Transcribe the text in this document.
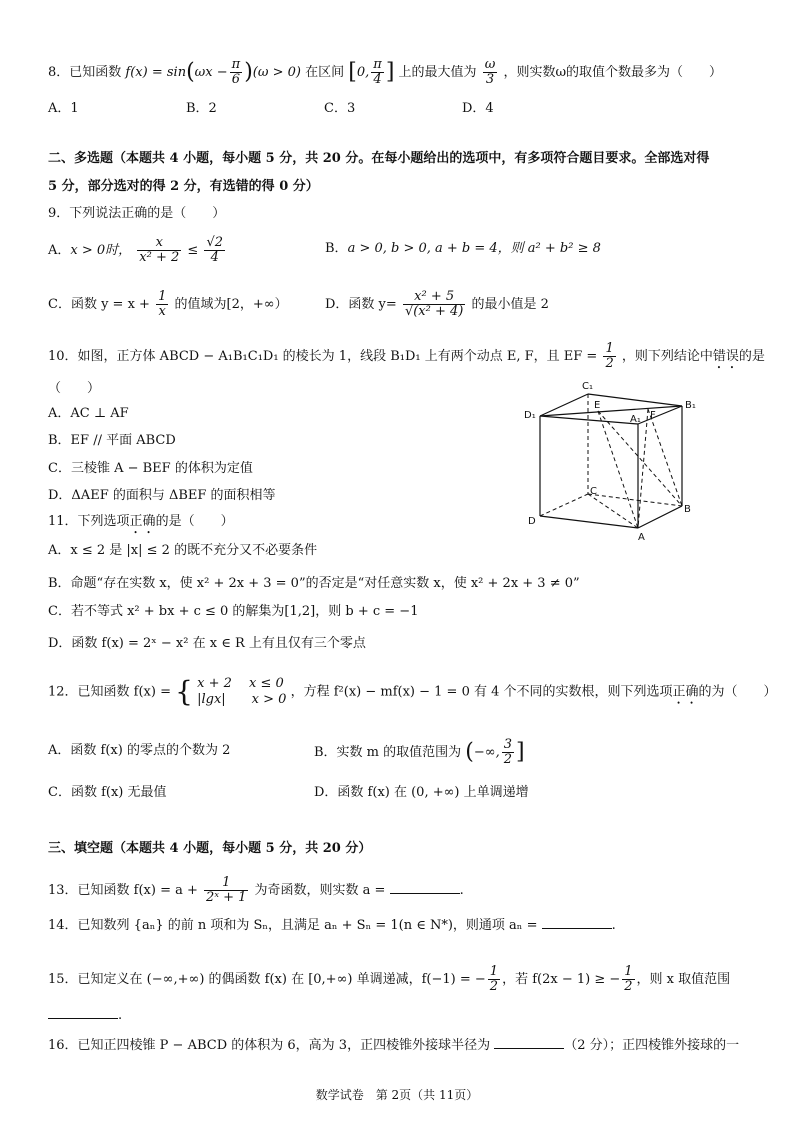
8．已知函数 $f(x) = \sin(\omega x - \frac{\pi}{6} )(\omega > 0)$ 在区间 [0, $\frac{\pi}{4}$ ] 上的最大值为 $\frac{\omega}{3}$ ，则实数ω的取值个数最多为（　　）
A．1	B．2	C．3	D．4
二、多选题（本题共 4 小题，每小题 5 分，共 20 分。在每小题给出的选项中，有多项符合题目要求。全部选对得
5 分，部分选对的得 2 分，有选错的得 0 分）
9．下列说法正确的是（　　）
A．x > 0时， $\frac{x}{\text{x² + 2}} \le \frac{√2}{4}$	B．a > 0, b > 0, a + b = 4，则 a² + b² ≥ 8
C．函数 $y = x + \frac{1}{x}$ 的值域为[2，+∞）	D．函数 $y= \frac{\text{x² + 5}}{\text{√(x² + 4)}}$ 的最小值是 2
10．如图，正方体 ABCD − A₁B₁C₁D₁ 的棱长为 1，线段 B₁D₁ 上有两个动点 E, F，且 EF = $\frac{1}{2}$ ，则下列结论中错误的是
（　　）
A．AC ⊥ AF
B．EF // 平面 ABCD
C．三棱锥 A − BEF 的体积为定值
D．ΔAEF 的面积与 ΔBEF 的面积相等
C₁
B₁
D₁	A₁
E
F
C
B
D
A
11．下列选项正确的是（　　）
A．x ≤ 2 是 |x| ≤ 2 的既不充分又不必要条件
B．命题“存在实数 x，使 x² + 2x + 3 = 0”的否定是“对任意实数 x，使 x² + 2x + 3 ≠ 0”
C．若不等式 x² + bx + c ≤ 0 的解集为[1,2]，则 b + c = −1
D．函数 f(x) = 2ˣ − x² 在 x ∈ R 上有且仅有三个零点
12．已知函数 f(x) = { x + 2　 x ≤ 0
|lgx|　　x > 0 ，方程 f²(x) − mf(x) − 1 = 0 有 4 个不同的实数根，则下列选项正确的为（　　）
A．函数 f(x) 的零点的个数为 2	B．实数 m 的取值范围为 (−∞, $\frac{3}{2}$ ]
C．函数 f(x) 无最值	D．函数 f(x) 在 (0, +∞) 上单调递增
三、填空题（本题共 4 小题，每小题 5 分，共 20 分）
13．已知函数 $f(x) = a + \frac{1}{\text{2ˣ + 1}}$ 为奇函数，则实数 a =	.
14．已知数列 {aₙ} 的前 n 项和为 Sₙ，且满足 aₙ + Sₙ = 1(n ∈ N*)，则通项 aₙ =	.
15．已知定义在 (−∞,+∞) 的偶函数 f(x) 在 [0,+∞) 单调递减，f(−1) = − $\frac{1}{2}$ ，若 f(2x − 1) ≥ − $\frac{1}{2}$ ，则 x 取值范围
.
16．已知正四棱锥 P − ABCD 的体积为 6，高为 3，正四棱锥外接球半径为	（2 分）；正四棱锥外接球的一
数学试卷　第 2页（共 11页）
